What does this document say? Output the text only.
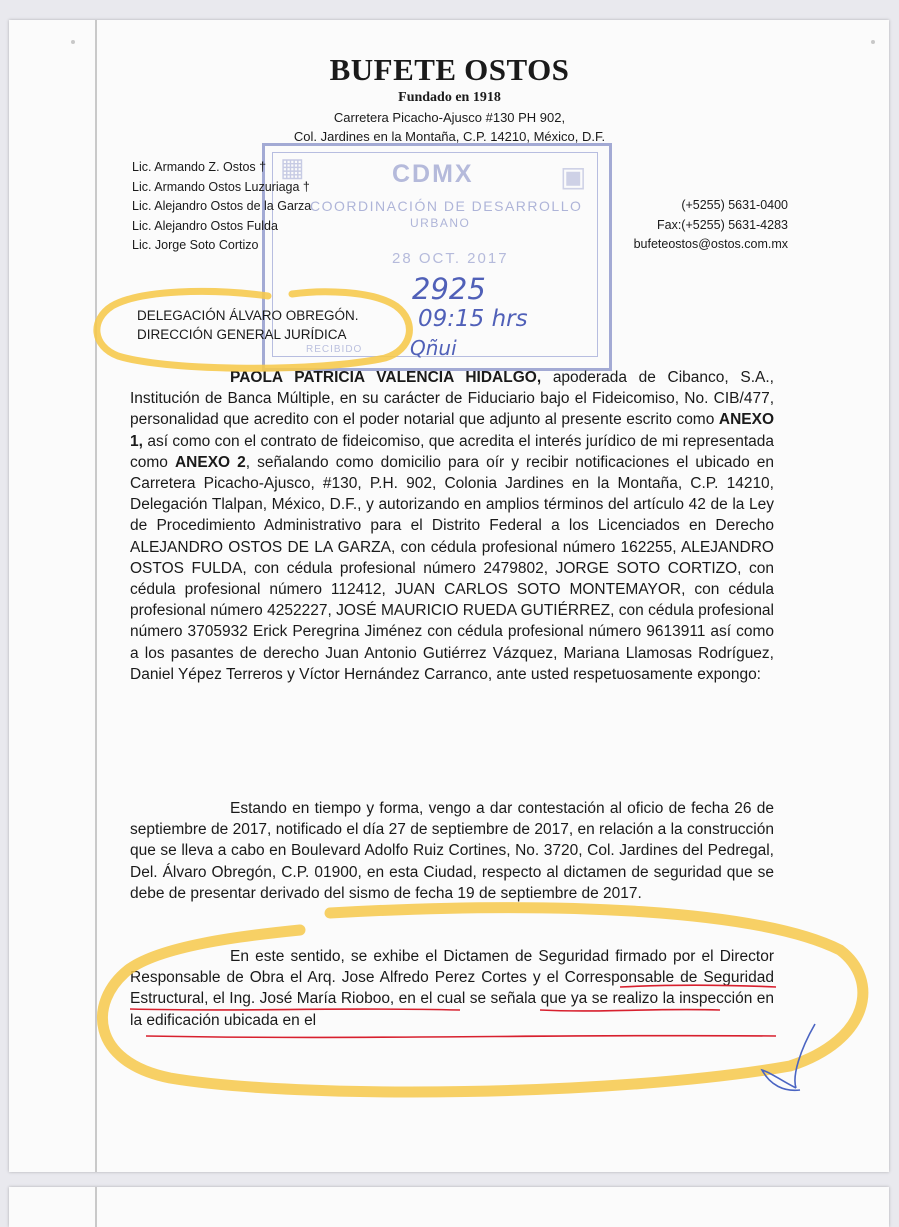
▦	▣
CDMX
COORDINACIÓN DE DESARROLLO
URBANO
28 OCT. 2017
RECIBIDO
2925
09:15 hrs
Qñui
BUFETE OSTOS
Fundado en 1918
Carretera Picacho-Ajusco #130 PH 902,
Col. Jardines en la Montaña, C.P. 14210, México, D.F.
Lic. Armando Z. Ostos †
Lic. Armando Ostos Luzuriaga †
Lic. Alejandro Ostos de la Garza
Lic. Alejandro Ostos Fulda
Lic. Jorge Soto Cortizo
(+5255) 5631-0400
Fax:(+5255) 5631-4283
bufeteostos@ostos.com.mx
DELEGACIÓN ÁLVARO OBREGÓN.
DIRECCIÓN GENERAL JURÍDICA
PAOLA PATRICIA VALENCIA HIDALGO, apoderada de Cibanco, S.A., Institución de Banca Múltiple, en su carácter de Fiduciario bajo el Fideicomiso, No. CIB/477, personalidad que acredito con el poder notarial que adjunto al presente escrito como ANEXO 1, así como con el contrato de fideicomiso, que acredita el interés jurídico de mi representada como ANEXO 2, señalando como domicilio para oír y recibir notificaciones el ubicado en Carretera Picacho-Ajusco, #130, P.H. 902, Colonia Jardines en la Montaña, C.P. 14210, Delegación Tlalpan, México, D.F., y autorizando en amplios términos del artículo 42 de la Ley de Procedimiento Administrativo para el Distrito Federal a los Licenciados en Derecho ALEJANDRO OSTOS DE LA GARZA, con cédula profesional número 162255, ALEJANDRO OSTOS FULDA, con cédula profesional número 2479802, JORGE SOTO CORTIZO, con cédula profesional número 112412, JUAN CARLOS SOTO MONTEMAYOR, con cédula profesional número 4252227, JOSÉ MAURICIO RUEDA GUTIÉRREZ, con cédula profesional número 3705932 Erick Peregrina Jiménez con cédula profesional número 9613911 así como a los pasantes de derecho Juan Antonio Gutiérrez Vázquez, Mariana Llamosas Rodríguez, Daniel Yépez Terreros y Víctor Hernández Carranco, ante usted respetuosamente expongo:
Estando en tiempo y forma, vengo a dar contestación al oficio de fecha 26 de septiembre de 2017, notificado el día 27 de septiembre de 2017, en relación a la construcción que se lleva a cabo en Boulevard Adolfo Ruiz Cortines, No. 3720, Col. Jardines del Pedregal, Del. Álvaro Obregón, C.P. 01900, en esta Ciudad, respecto al dictamen de seguridad que se debe de presentar derivado del sismo de fecha 19 de septiembre de 2017.
En este sentido, se exhibe el Dictamen de Seguridad firmado por el Director Responsable de Obra el Arq. Jose Alfredo Perez Cortes y el Corresponsable de Seguridad Estructural, el Ing. José María Rioboo, en el cual se señala que ya se realizo la inspección en la edificación ubicada en el
